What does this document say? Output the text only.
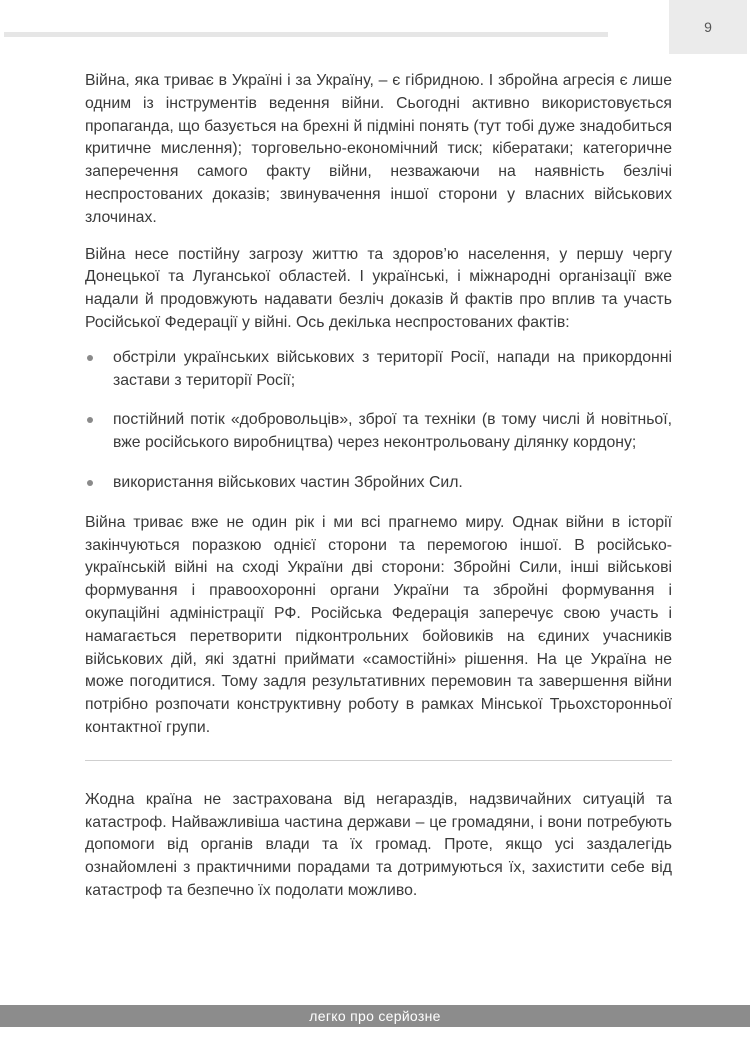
9

Війна, яка триває в Україні і за Україну, – є гібридною. І збройна агресія є лише одним із інструментів ведення війни. Сьогодні активно використовується пропаганда, що базується на брехні й підміні понять (тут тобі дуже знадобиться критичне мислення); торговельно-економічний тиск; кібератаки; категоричне заперечення самого факту війни, незважаючи на наявність безлічі неспростованих доказів; звинувачення іншої сторони у власних військових злочинах.

Війна несе постійну загрозу життю та здоров’ю населення, у першу чергу Донецької та Луганської областей. І українські, і міжнародні організації вже надали й продовжують надавати безліч доказів й фактів про вплив та участь Російської Федерації у війні. Ось декілька неспростованих фактів:

обстріли українських військових з території Росії, напади на прикордонні застави з території Росії;
постійний потік «добровольців», зброї та техніки (в тому числі й новітньої, вже російського виробництва) через неконтрольовану ділянку кордону;
використання військових частин Збройних Сил.

Війна триває вже не один рік і ми всі прагнемо миру. Однак війни в історії закінчуються поразкою однієї сторони та перемогою іншої. В російсько-українській війні на сході України дві сторони: Збройні Сили, інші військові формування і правоохоронні органи України та збройні формування і окупаційні адміністрації РФ. Російська Федерація заперечує свою участь і намагається перетворити підконтрольних бойовиків на єдиних учасників військових дій, які здатні приймати «самостійні» рішення. На це Україна не може погодитися. Тому задля результативних перемовин та завершення війни потрібно розпочати конструктивну роботу в рамках Мінської Трьохсторонньої контактної групи.

Жодна країна не застрахована від негараздів, надзвичайних ситуацій та катастроф. Найважливіша частина держави – це громадяни, і вони потребують допомоги від органів влади та їх громад. Проте, якщо усі заздалегідь ознайомлені з практичними порадами та дотримуються їх, захистити себе від катастроф та безпечно їх подолати можливо.

легко про серйозне
